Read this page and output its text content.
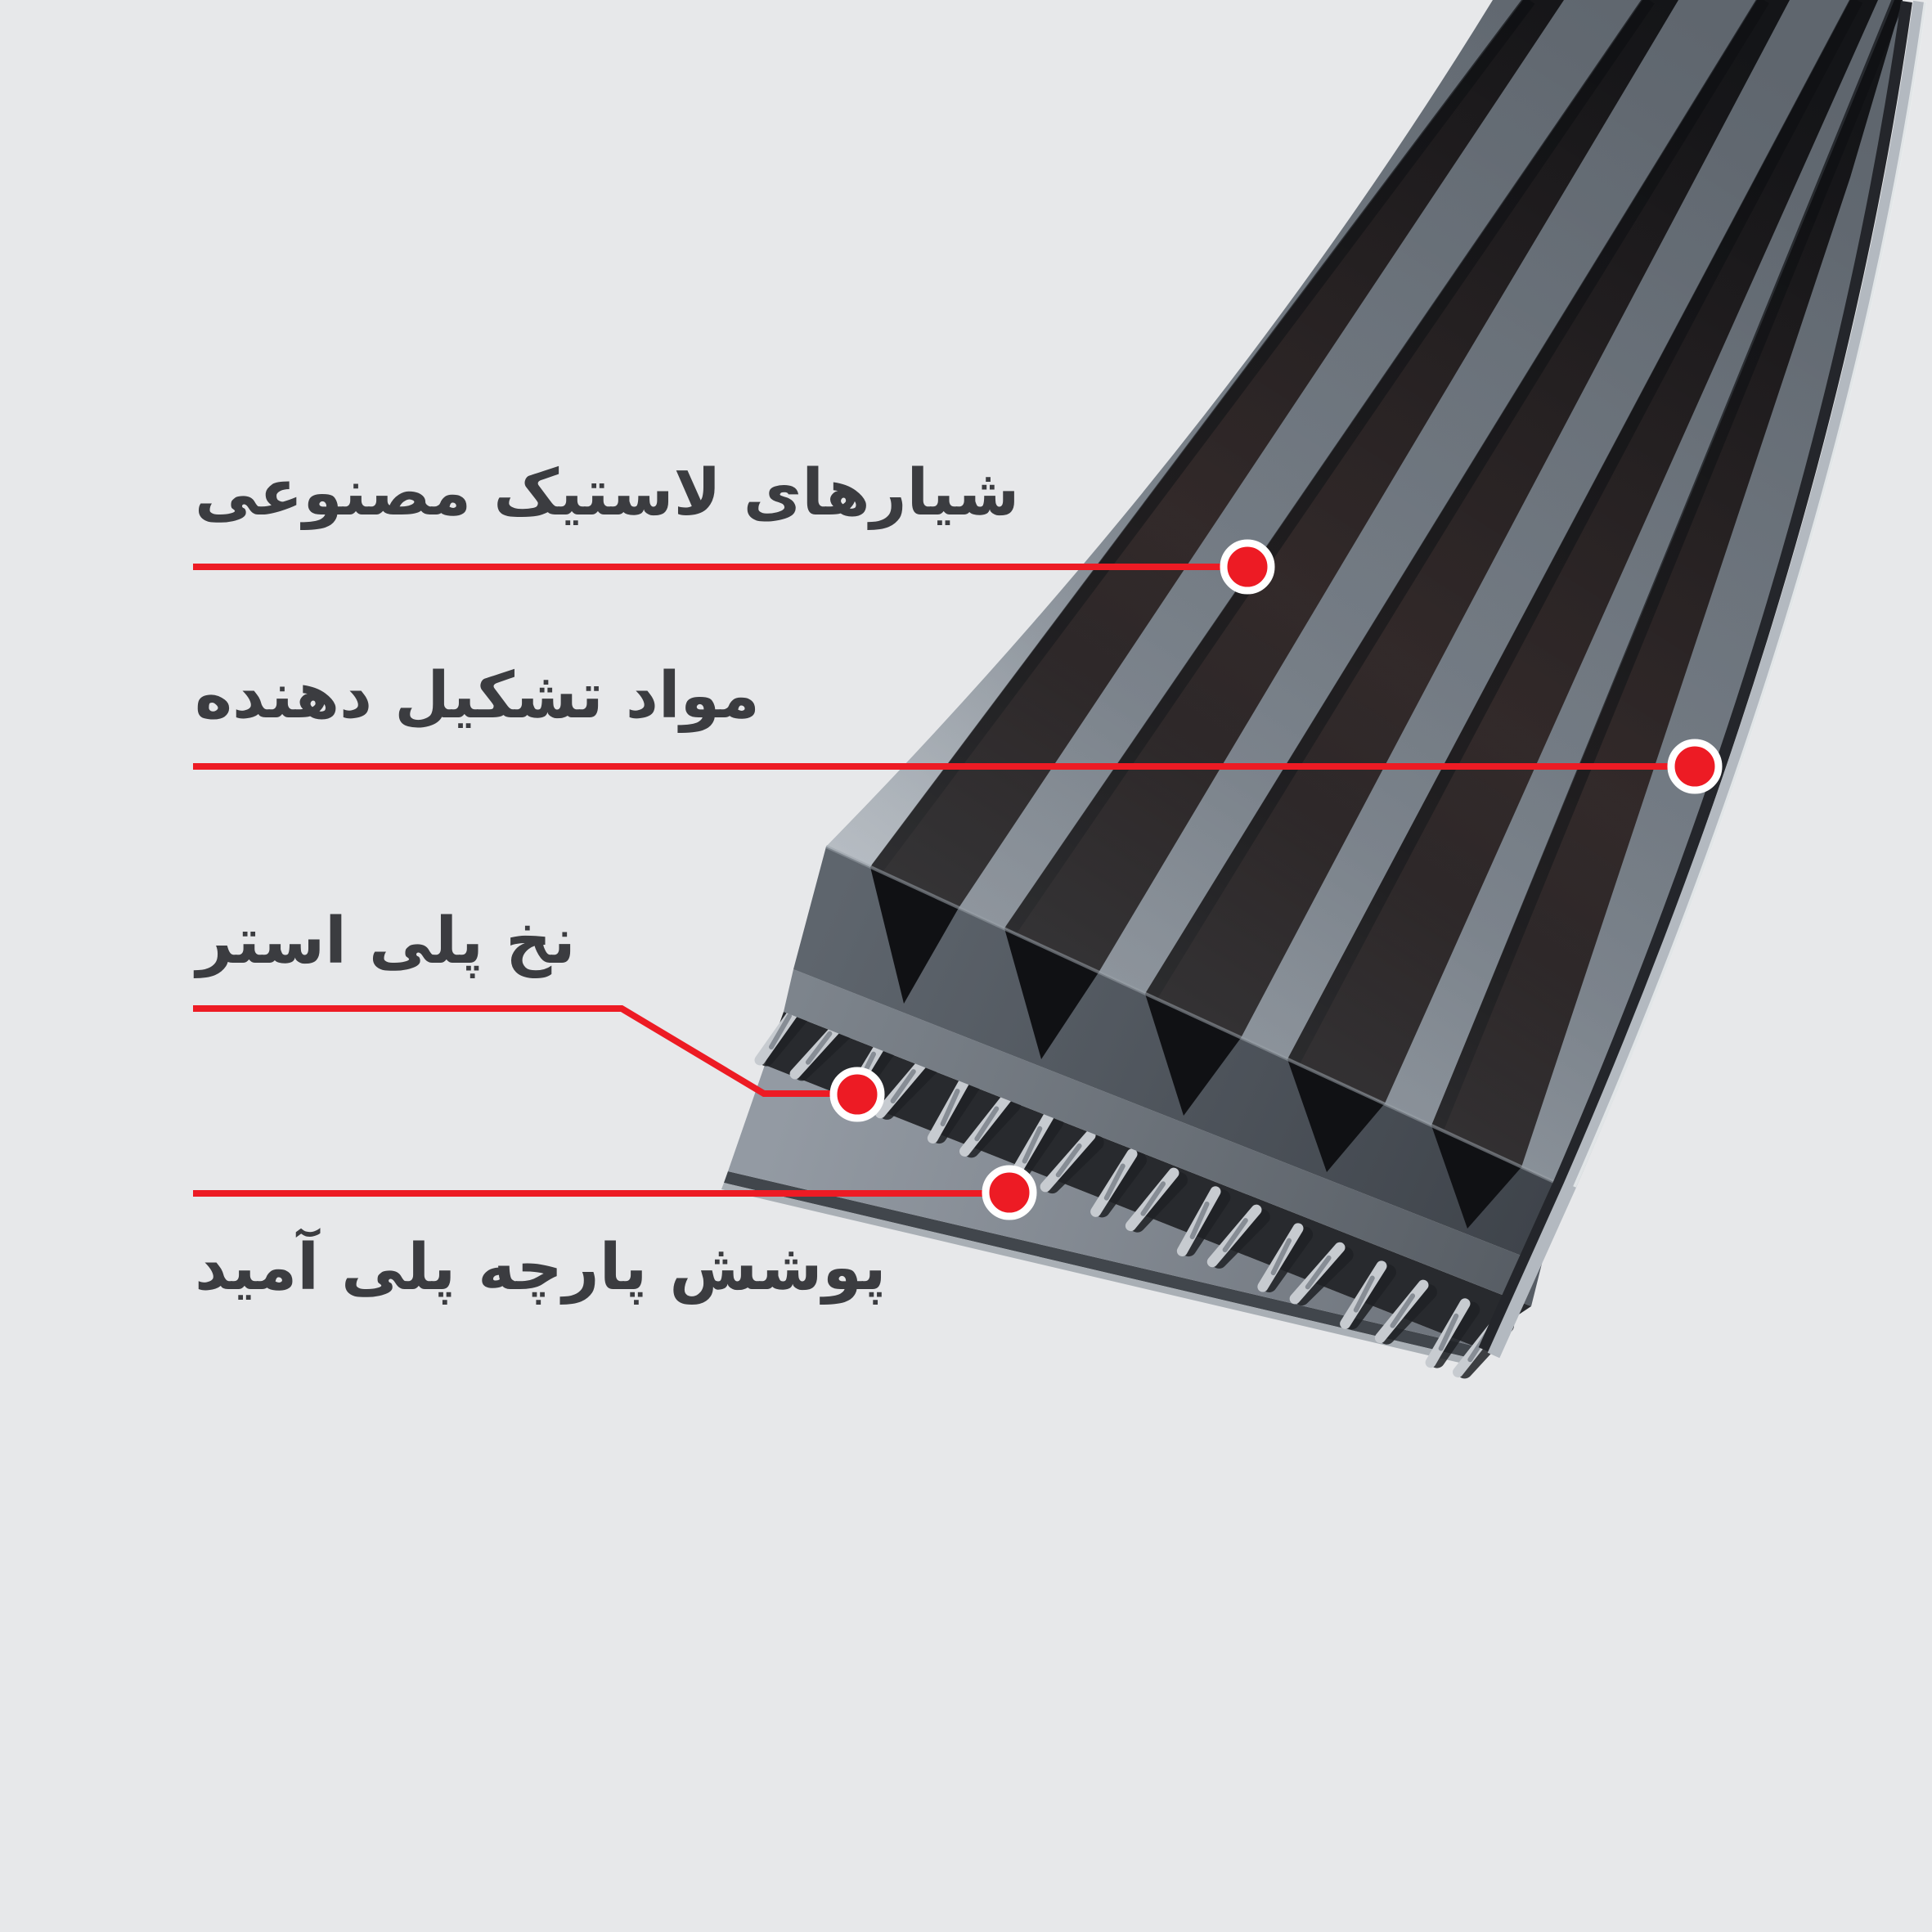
شیارهای لاستیک مصنوعی
مواد تشکیل دهنده
نخ پلی استر
پوشش پارچه پلی آمید
